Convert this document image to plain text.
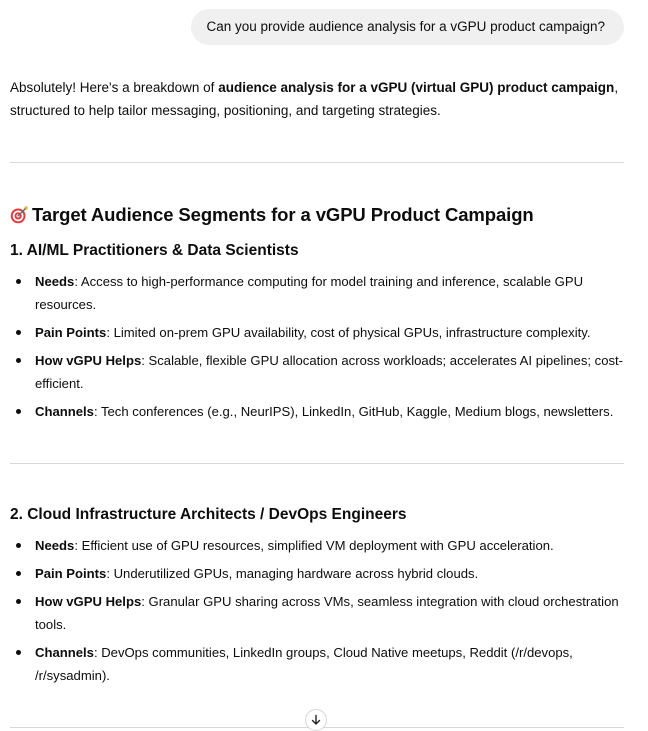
Can you provide audience analysis for a vGPU product campaign?

Absolutely! Here's a breakdown of audience analysis for a vGPU (virtual GPU) product campaign, structured to help tailor messaging, positioning, and targeting strategies.

Target Audience Segments for a vGPU Product Campaign
1. AI/ML Practitioners & Data Scientists
Needs: Access to high-performance computing for model training and inference, scalable GPU resources.
Pain Points: Limited on-prem GPU availability, cost of physical GPUs, infrastructure complexity.
How vGPU Helps: Scalable, flexible GPU allocation across workloads; accelerates AI pipelines; cost-efficient.
Channels: Tech conferences (e.g., NeurIPS), LinkedIn, GitHub, Kaggle, Medium blogs, newsletters.
2. Cloud Infrastructure Architects / DevOps Engineers
Needs: Efficient use of GPU resources, simplified VM deployment with GPU acceleration.
Pain Points: Underutilized GPUs, managing hardware across hybrid clouds.
How vGPU Helps: Granular GPU sharing across VMs, seamless integration with cloud orchestration tools.
Channels: DevOps communities, LinkedIn groups, Cloud Native meetups, Reddit (/r/devops, /r/sysadmin).
